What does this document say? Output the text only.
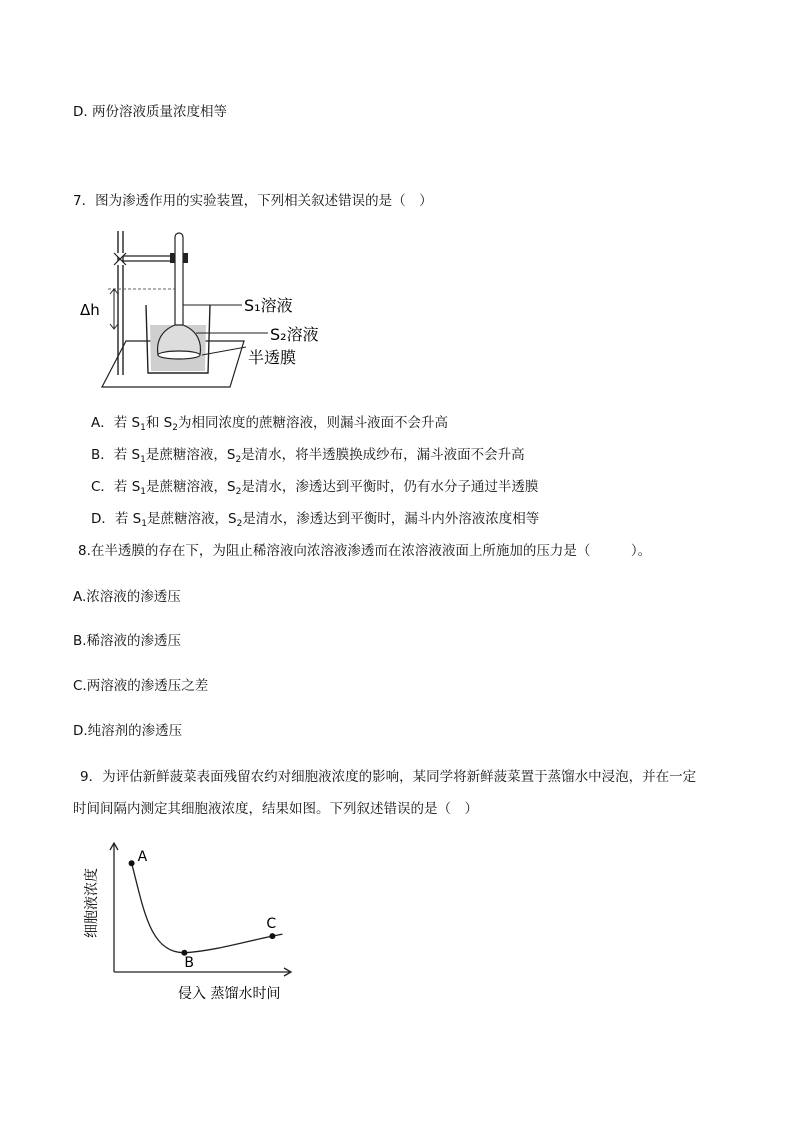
D. 两份溶液质量浓度相等
7．图为渗透作用的实验装置，下列相关叙述错误的是（　）
Δh	S₁溶液
S₂溶液
半透膜
A．若 $S_1$和 $S_2$为相同浓度的蔗糖溶液，则漏斗液面不会升高
B．若 $S_1$是蔗糖溶液，$S_2$是清水，将半透膜换成纱布，漏斗液面不会升高
C．若 $S_1$是蔗糖溶液，$S_2$是清水，渗透达到平衡时，仍有水分子通过半透膜
D．若 $S_1$是蔗糖溶液，$S_2$是清水，渗透达到平衡时，漏斗内外溶液浓度相等
8.在半透膜的存在下，为阻止稀溶液向浓溶液渗透而在浓溶液液面上所施加的压力是（　　　）。
A.浓溶液的渗透压
B.稀溶液的渗透压
C.两溶液的渗透压之差
D.纯溶剂的渗透压
9．为评估新鲜菠菜表面残留农约对细胞液浓度的影响，某同学将新鲜菠菜置于蒸馏水中浸泡，并在一定
时间间隔内测定其细胞液浓度，结果如图。下列叙述错误的是（　）
A
B
C
细胞液浓度
侵入 蒸馏水时间
